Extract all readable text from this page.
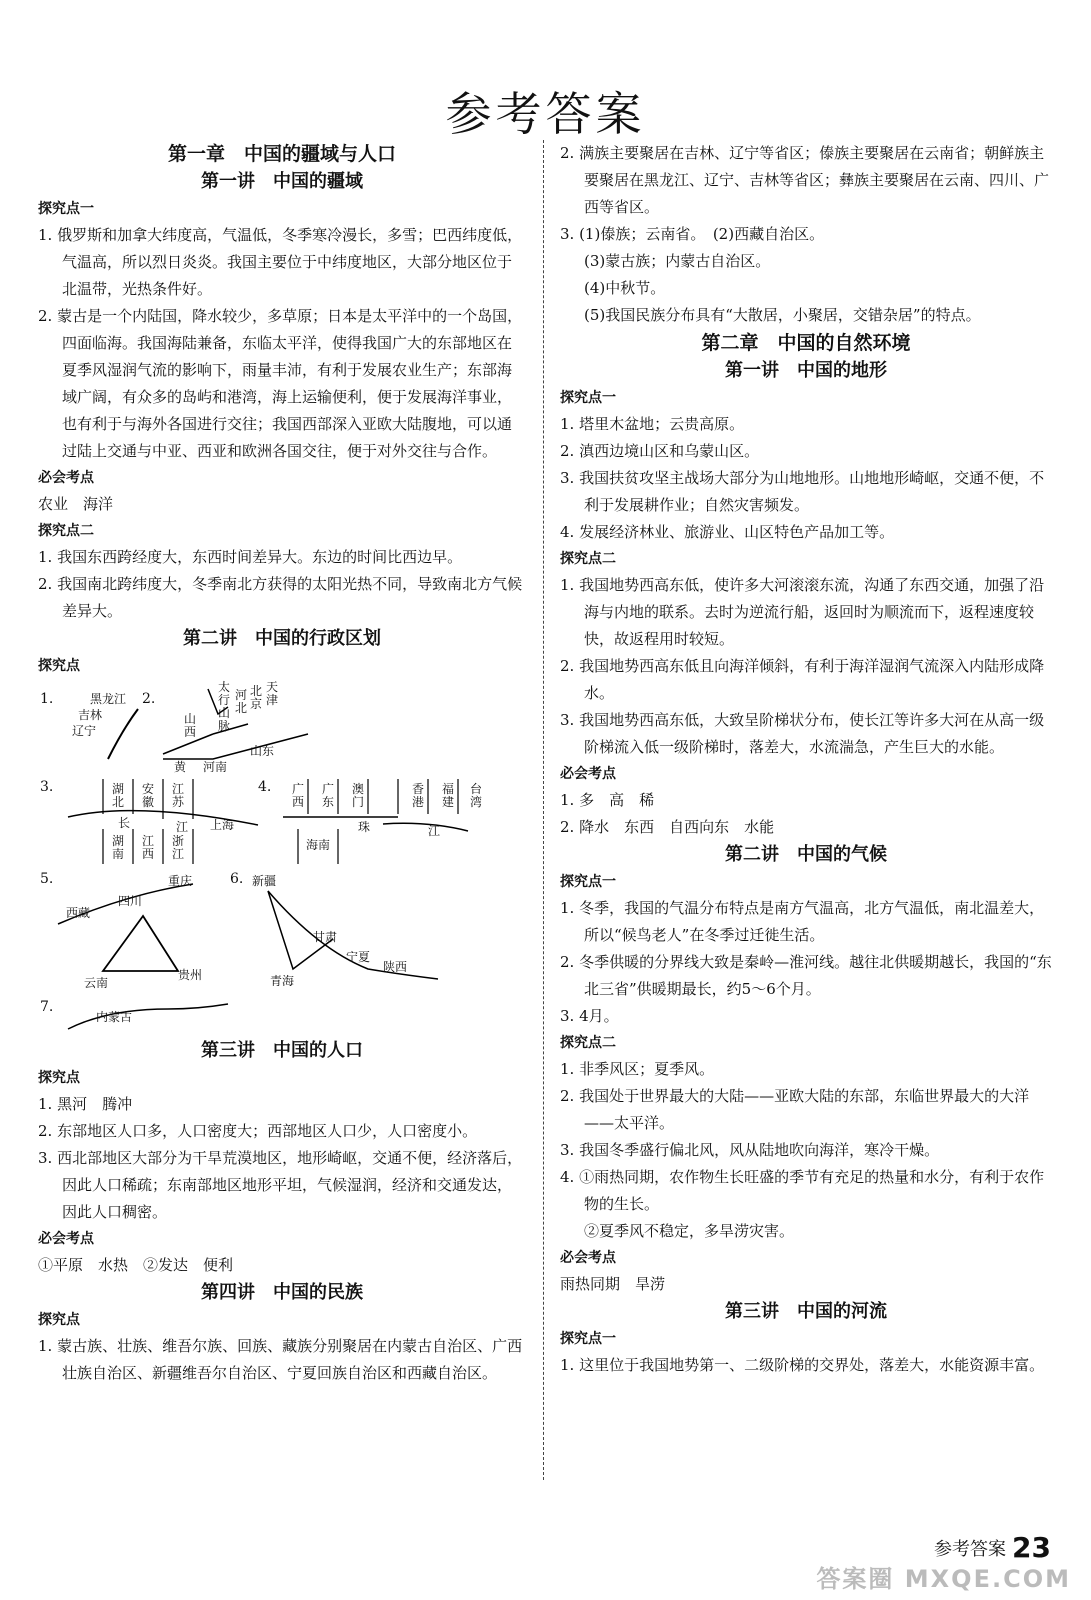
参考答案
第一章　中国的疆域与人口
第一讲　中国的疆域
探究点一
1. 俄罗斯和加拿大纬度高，气温低，冬季寒冷漫长，多雪；巴西纬度低，气温高，所以烈日炎炎。我国主要位于中纬度地区，大部分地区位于北温带，光热条件好。
2. 蒙古是一个内陆国，降水较少，多草原；日本是太平洋中的一个岛国，四面临海。我国海陆兼备，东临太平洋，使得我国广大的东部地区在夏季风湿润气流的影响下，雨量丰沛，有利于发展农业生产；东部海域广阔，有众多的岛屿和港湾，海上运输便利，便于发展海洋事业，也有利于与海外各国进行交往；我国西部深入亚欧大陆腹地，可以通过陆上交通与中亚、西亚和欧洲各国交往，便于对外交往与合作。
必会考点
农业　海洋
探究点二
1. 我国东西跨经度大，东西时间差异大。东边的时间比西边早。
2. 我国南北跨纬度大，冬季南北方获得的太阳光热不同，导致南北方气候差异大。
第二讲　中国的行政区划
探究点
1.	黑龙江
吉林
辽宁
2.
山西
太行山脉
河北
北京
天津
山东
河南
黄
3.	湖北
安徽
江苏
长	江 上海
湖南
江西
浙江
4. 广西
广东
澳门
香港
福建
台湾
海南
珠	江
5.	重庆
西藏
四川
云南
贵州
6. 新疆
甘肃
宁夏
陕西
青海
7.
内蒙古
第三讲　中国的人口
探究点
1. 黑河　腾冲
2. 东部地区人口多，人口密度大；西部地区人口少，人口密度小。
3. 西北部地区大部分为干旱荒漠地区，地形崎岖，交通不便，经济落后，因此人口稀疏；东南部地区地形平坦，气候湿润，经济和交通发达，因此人口稠密。
必会考点
①平原　水热　②发达　便利
第四讲　中国的民族
探究点
1. 蒙古族、壮族、维吾尔族、回族、藏族分别聚居在内蒙古自治区、广西壮族自治区、新疆维吾尔自治区、宁夏回族自治区和西藏自治区。
2. 满族主要聚居在吉林、辽宁等省区；傣族主要聚居在云南省；朝鲜族主要聚居在黑龙江、辽宁、吉林等省区；彝族主要聚居在云南、四川、广西等省区。
3. (1)傣族；云南省。　(2)西藏自治区。
(3)蒙古族；内蒙古自治区。
(4)中秋节。
(5)我国民族分布具有“大散居，小聚居，交错杂居”的特点。
第二章　中国的自然环境
第一讲　中国的地形
探究点一
1. 塔里木盆地；云贵高原。
2. 滇西边境山区和乌蒙山区。
3. 我国扶贫攻坚主战场大部分为山地地形。山地地形崎岖，交通不便，不利于发展耕作业；自然灾害频发。
4. 发展经济林业、旅游业、山区特色产品加工等。
探究点二
1. 我国地势西高东低，使许多大河滚滚东流，沟通了东西交通，加强了沿海与内地的联系。去时为逆流行船，返回时为顺流而下，返程速度较快，故返程用时较短。
2. 我国地势西高东低且向海洋倾斜，有利于海洋湿润气流深入内陆形成降水。
3. 我国地势西高东低，大致呈阶梯状分布，使长江等许多大河在从高一级阶梯流入低一级阶梯时，落差大，水流湍急，产生巨大的水能。
必会考点
1. 多　高　稀
2. 降水　东西　自西向东　水能
第二讲　中国的气候
探究点一
1. 冬季，我国的气温分布特点是南方气温高，北方气温低，南北温差大，所以“候鸟老人”在冬季过迁徙生活。
2. 冬季供暖的分界线大致是秦岭—淮河线。越往北供暖期越长，我国的“东北三省”供暖期最长，约5～6个月。
3. 4月。
探究点二
1. 非季风区；夏季风。
2. 我国处于世界最大的大陆——亚欧大陆的东部，东临世界最大的大洋——太平洋。
3. 我国冬季盛行偏北风，风从陆地吹向海洋，寒冷干燥。
4. ①雨热同期，农作物生长旺盛的季节有充足的热量和水分，有利于农作物的生长。
②夏季风不稳定，多旱涝灾害。
必会考点
雨热同期　旱涝
第三讲　中国的河流
探究点一
1. 这里位于我国地势第一、二级阶梯的交界处，落差大，水能资源丰富。
参考答案 23
答案圈 MXQE.COM
